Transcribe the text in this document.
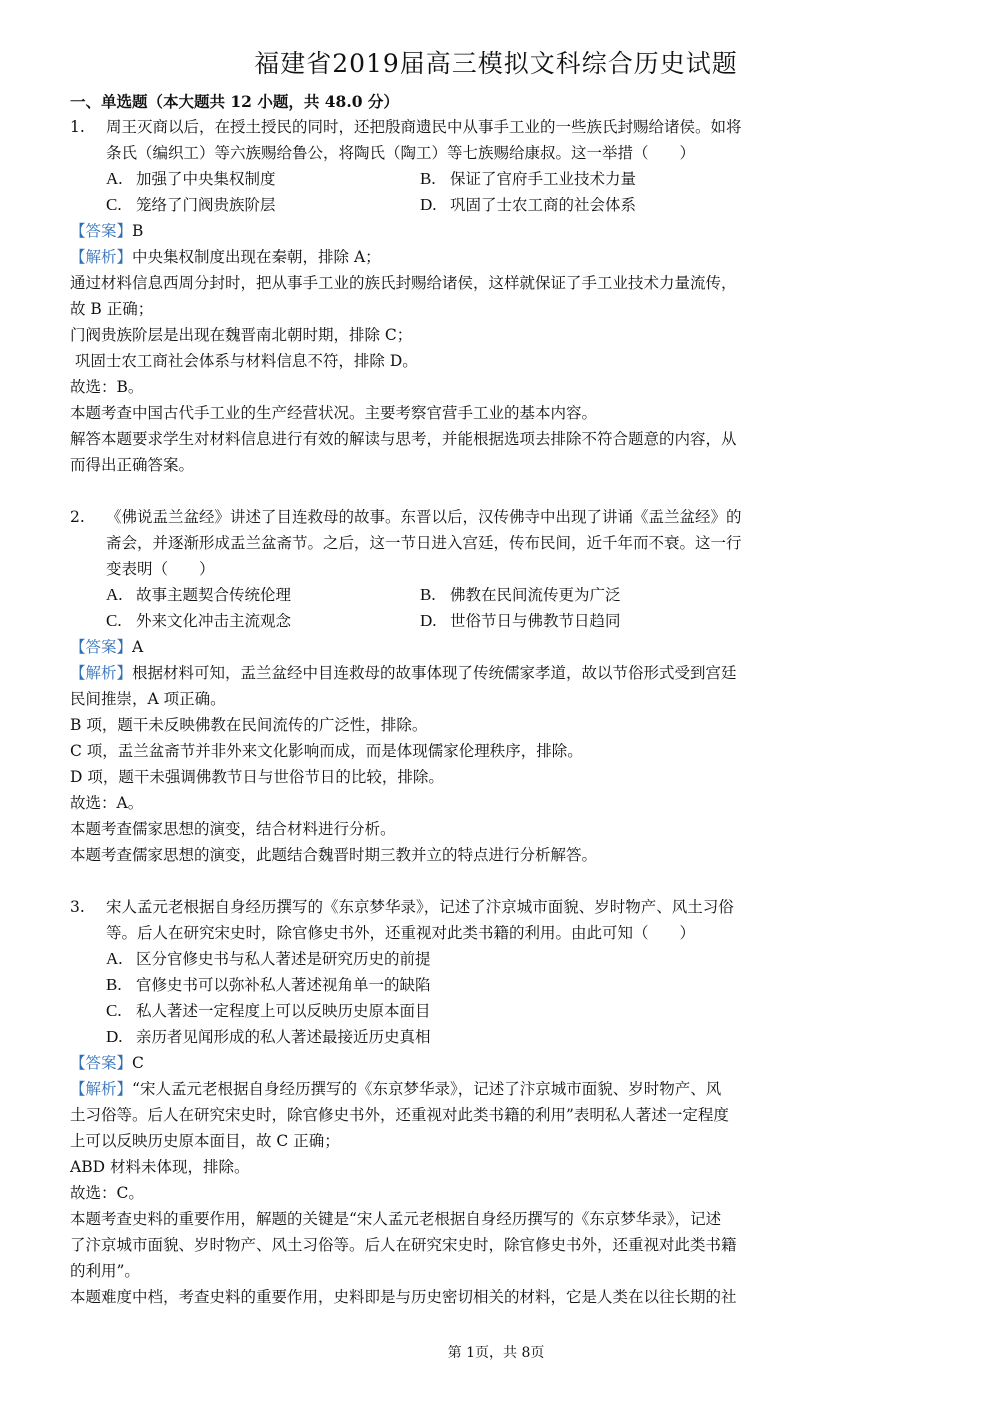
福建省2019届高三模拟文科综合历史试题
一、单选题（本大题共 12 小题，共 48.0 分）
1. 周王灭商以后，在授土授民的同时，还把殷商遗民中从事手工业的一些族氏封赐给诸侯。如将
条氏（编织工）等六族赐给鲁公，将陶氏（陶工）等七族赐给康叔。这一举措（　　）
A. 加强了中央集权制度	B. 保证了官府手工业技术力量
C. 笼络了门阀贵族阶层	D. 巩固了士农工商的社会体系
【答案】B
【解析】中央集权制度出现在秦朝，排除 A；
通过材料信息西周分封时，把从事手工业的族氏封赐给诸侯，这样就保证了手工业技术力量流传，
故 B 正确；
门阀贵族阶层是出现在魏晋南北朝时期，排除 C；
巩固士农工商社会体系与材料信息不符，排除 D。
故选：B。
本题考查中国古代手工业的生产经营状况。主要考察官营手工业的基本内容。
解答本题要求学生对材料信息进行有效的解读与思考，并能根据选项去排除不符合题意的内容，从
而得出正确答案。
2. 《佛说盂兰盆经》讲述了目连救母的故事。东晋以后，汉传佛寺中出现了讲诵《盂兰盆经》的
斋会，并逐渐形成盂兰盆斋节。之后，这一节日进入宫廷，传布民间，近千年而不衰。这一行
变表明（　　）
A. 故事主题契合传统伦理	B. 佛教在民间流传更为广泛
C. 外来文化冲击主流观念	D. 世俗节日与佛教节日趋同
【答案】A
【解析】根据材料可知，盂兰盆经中目连救母的故事体现了传统儒家孝道，故以节俗形式受到宫廷
民间推崇，A 项正确。
B 项，题干未反映佛教在民间流传的广泛性，排除。
C 项，盂兰盆斋节并非外来文化影响而成，而是体现儒家伦理秩序，排除。
D 项，题干未强调佛教节日与世俗节日的比较，排除。
故选：A。
本题考查儒家思想的演变，结合材料进行分析。
本题考查儒家思想的演变，此题结合魏晋时期三教并立的特点进行分析解答。
3. 宋人孟元老根据自身经历撰写的《东京梦华录》，记述了汴京城市面貌、岁时物产、风土习俗
等。后人在研究宋史时，除官修史书外，还重视对此类书籍的利用。由此可知（　　）
A. 区分官修史书与私人著述是研究历史的前提
B. 官修史书可以弥补私人著述视角单一的缺陷
C. 私人著述一定程度上可以反映历史原本面目
D. 亲历者见闻形成的私人著述最接近历史真相
【答案】C
【解析】“宋人孟元老根据自身经历撰写的《东京梦华录》，记述了汴京城市面貌、岁时物产、风
土习俗等。后人在研究宋史时，除官修史书外，还重视对此类书籍的利用”表明私人著述一定程度
上可以反映历史原本面目，故 C 正确；
ABD 材料未体现，排除。
故选：C。
本题考查史料的重要作用，解题的关键是“宋人孟元老根据自身经历撰写的《东京梦华录》，记述
了汴京城市面貌、岁时物产、风土习俗等。后人在研究宋史时，除官修史书外，还重视对此类书籍
的利用”。
本题难度中档，考查史料的重要作用，史料即是与历史密切相关的材料，它是人类在以往长期的社
第 1页，共 8页
